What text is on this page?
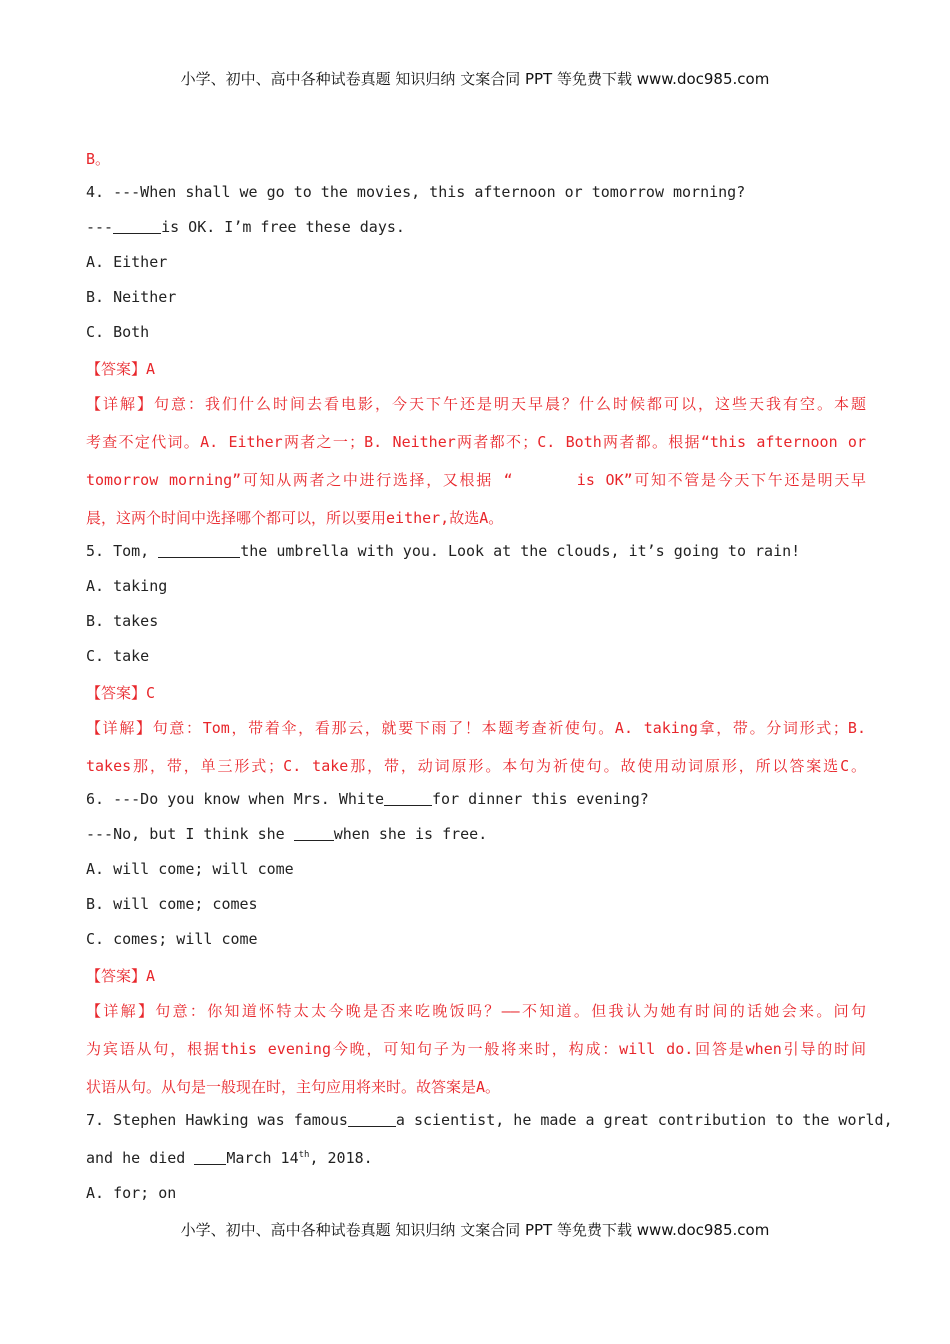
小学、初中、高中各种试卷真题 知识归纳 文案合同 PPT 等免费下载 www.doc985.com
B。
4. ---When shall we go to the movies, this afternoon or tomorrow morning?
---	is OK. I’m free these days.
A. Either
B. Neither
C. Both
【答案】A
【详解】句意：我们什么时间去看电影，今天下午还是明天早晨？什么时候都可以，这些天我有空。本题
考查不定代词。A. Either两者之一；B. Neither两者都不；C. Both两者都。根据“this afternoon or
tomorrow morning”可知从两者之中进行选择，又根据 “      is OK”可知不管是今天下午还是明天早
晨，这两个时间中选择哪个都可以，所以要用either,故选A。
5. Tom,	the umbrella with you. Look at the clouds, it’s going to rain!
A. taking
B. takes
C. take
【答案】C
【详解】句意：Tom，带着伞，看那云，就要下雨了！本题考查祈使句。A. taking拿，带。分词形式；B.
takes那，带，单三形式；C. take那，带，动词原形。本句为祈使句。故使用动词原形，所以答案选C。
6. ---Do you know when Mrs. White	for dinner this evening?
---No, but I think she	when she is free.
A. will come; will come
B. will come; comes
C. comes; will come
【答案】A
【详解】句意：你知道怀特太太今晚是否来吃晚饭吗？——不知道。但我认为她有时间的话她会来。问句
为宾语从句，根据this evening今晚，可知句子为一般将来时，构成：will do.回答是when引导的时间
状语从句。从句是一般现在时，主句应用将来时。故答案是A。
7. Stephen Hawking was famous	a scientist, he made a great contribution to the world,
and he died March 14th, 2018.
A. for; on
小学、初中、高中各种试卷真题 知识归纳 文案合同 PPT 等免费下载 www.doc985.com
